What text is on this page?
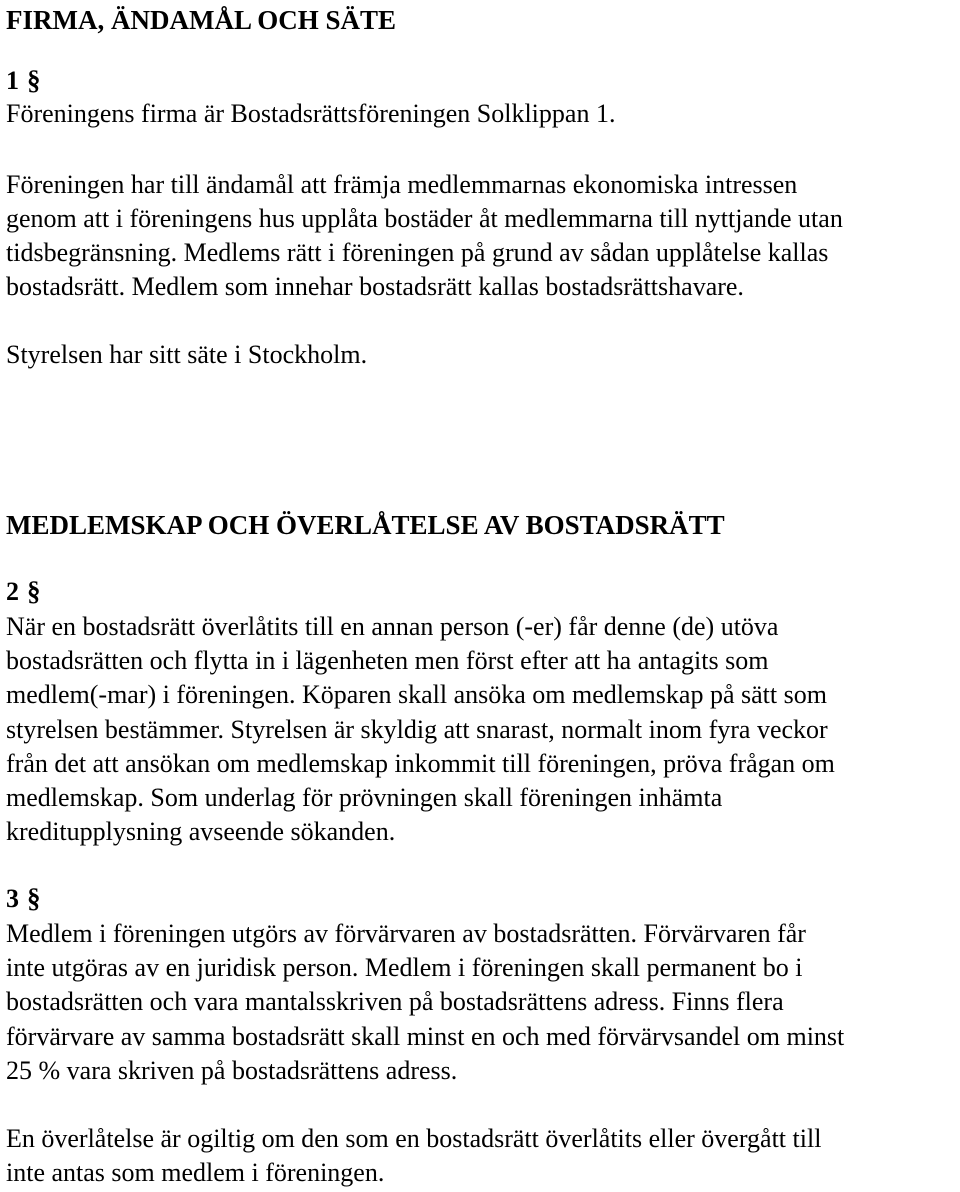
FIRMA, ÄNDAMÅL OCH SÄTE
1 §

Föreningens firma är Bostadsrättsföreningen Solklippan 1.

Föreningen har till ändamål att främja medlemmarnas ekonomiska intressen

genom att i föreningens hus upplåta bostäder åt medlemmarna till nyttjande utan

tidsbegränsning. Medlems rätt i föreningen på grund av sådan upplåtelse kallas

bostadsrätt. Medlem som innehar bostadsrätt kallas bostadsrättshavare.

Styrelsen har sitt säte i Stockholm.

MEDLEMSKAP OCH ÖVERLÅTELSE AV BOSTADSRÄTT
2 §

När en bostadsrätt överlåtits till en annan person (-er) får denne (de) utöva

bostadsrätten och flytta in i lägenheten men först efter att ha antagits som

medlem(-mar) i föreningen. Köparen skall ansöka om medlemskap på sätt som

styrelsen bestämmer. Styrelsen är skyldig att snarast, normalt inom fyra veckor

från det att ansökan om medlemskap inkommit till föreningen, pröva frågan om

medlemskap. Som underlag för prövningen skall föreningen inhämta

kreditupplysning avseende sökanden.

3 §

Medlem i föreningen utgörs av förvärvaren av bostadsrätten. Förvärvaren får

inte utgöras av en juridisk person. Medlem i föreningen skall permanent bo i

bostadsrätten och vara mantalsskriven på bostadsrättens adress. Finns flera

förvärvare av samma bostadsrätt skall minst en och med förvärvsandel om minst

25 % vara skriven på bostadsrättens adress.

En överlåtelse är ogiltig om den som en bostadsrätt överlåtits eller övergått till

inte antas som medlem i föreningen.
